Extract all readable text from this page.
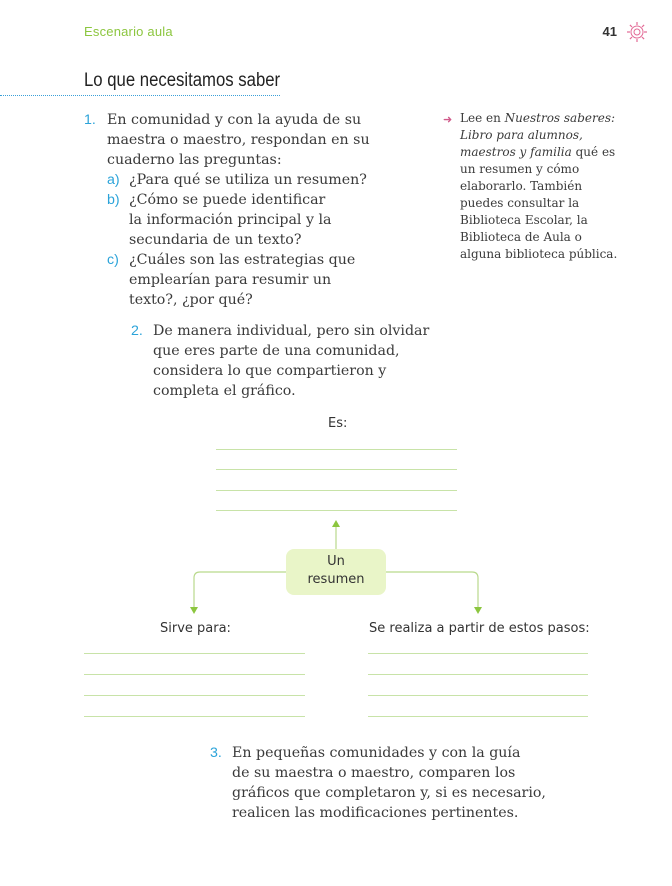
Escenario aula	41
Lo que necesitamos saber
1. En comunidad y con la ayuda de su
maestra o maestro, respondan en su
cuaderno las preguntas:
a) ¿Para qué se utiliza un resumen?
b) ¿Cómo se puede identificar
la información principal y la
secundaria de un texto?
c) ¿Cuáles son las estrategias que
emplearían para resumir un
texto?, ¿por qué?
➜ Lee en Nuestros saberes: Libro para alumnos, maestros y familia qué es un resumen y cómo elaborarlo. También puedes consultar la Biblioteca Escolar, la Biblioteca de Aula o alguna biblioteca pública.
2. De manera individual, pero sin olvidar
que eres parte de una comunidad,
considera lo que compartieron y
completa el gráfico.
Es:
Un
resumen
Sirve para:	Se realiza a partir de estos pasos:
3. En pequeñas comunidades y con la guía
de su maestra o maestro, comparen los
gráficos que completaron y, si es necesario,
realicen las modificaciones pertinentes.
